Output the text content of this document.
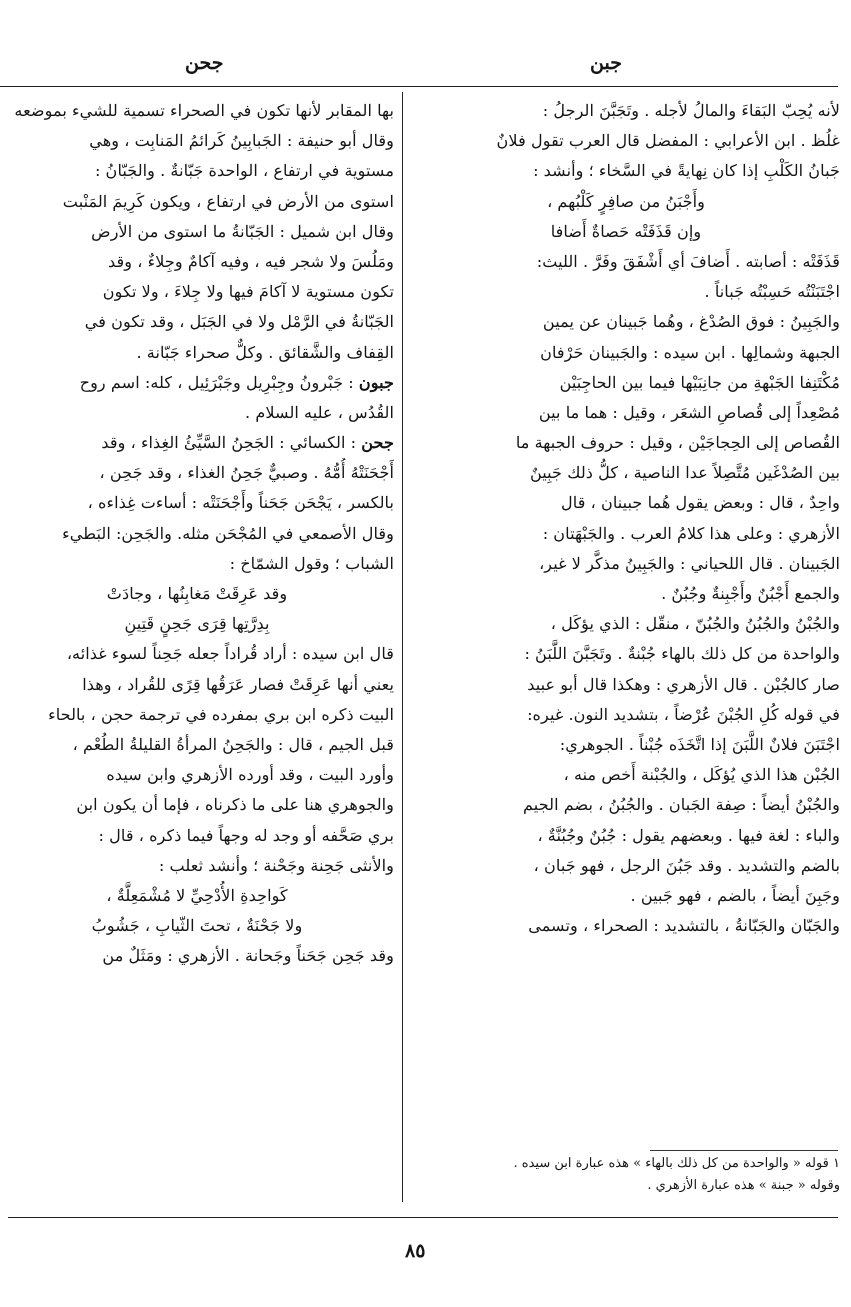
جبن
جحن
لأنه يُحِبّ البَقاءَ والمالُ لأجله . وتَجَبَّنَ الرجلُ :
غلُظ . ابن الأعرابي : المفضل قال العرب تقول فلانٌ
جَبانُ الكَلْبِ إذا كان نِهايةً في السَّخاء ؛ وأنشد :
وأَجْبَنُ من صافِرٍ كَلْبُهم ،
وإن قَذَفَتْه حَصاةٌ أَضافا
قَذَفَتْه : أصابته . أَضافَ أي أَشْفَقَ وفَرَّ . الليث:
اجْتَبَنْتُه حَسِبْتُه جَباناً .
والجَبِينُ : فوق الصُدْغ ، وهُما جَبينان عن يمين
الجبهة وشمالِها . ابن سيده : والجَبينان حَرْفان
مُكْتَنِفا الجَبْهةِ من جانِبَيْها فيما بين الحاجِبَيْن
مُصْعِداً إلى قُصاصِ الشعَر ، وقيل : هما ما بين
القُصاص إلى الحِجاجَيْن ، وقيل : حروف الجبهة ما
بين الصُدْغَين مُتَّصِلاً عدا الناصية ، كلُّ ذلك جَبِينٌ
واحِدٌ ، قال : وبعض يقول هُما جبينان ، قال
الأزهري : وعلى هذا كلامُ العرب . والجَبْهَتان :
الجَبينان . قال اللحياني : والجَبِينُ مذكَّر لا غير،
والجمع أَجْبُنٌ وأَجْبِنةٌ وجُبُنٌ .
والجُبْنُ والجُبُنُ والجُبُنّ ، منقّل : الذي يؤكَل ،
والواحدة من كل ذلك بالهاء جُبْنةٌ . وتَجَبَّنَ اللَّبَنُ :
صار كالجُبْن . قال الأزهري : وهكذا قال أبو عبيد
في قوله كُلِ الجُبْنَ عُرْضاً ، بتشديد النون. غيره:
اجْتَبَنَ فلانٌ اللَّبَنَ إذا اتَّخَذَه جُبْناً . الجوهري:
الجُبْن هذا الذي يُؤكَل ، والجُبْنة أَخص منه ،
والجُبْنُ أيضاً : صِفة الجَبان . والجُبُنُ ، بضم الجيم
والباء : لغة فيها . وبعضهم يقول : جُبُنٌ وجُبُنَّةٌ ،
بالضم والتشديد . وقد جَبُنَ الرجل ، فهو جَبان ،
وجَبِنَ أيضاً ، بالضم ، فهو جَبين .
والجَبّان والجَبّانةُ ، بالتشديد : الصحراء ، وتسمى
بها المقابر لأنها تكون في الصحراء تسمية للشيء بموضعه
وقال أبو حنيفة : الجَبابِينُ كَرائمُ المَنابِت ، وهي
مستوية في ارتفاع ، الواحدة جَبّانةٌ . والجَبّانُ :
استوى من الأرض في ارتفاع ، ويكون كَرِيمَ المَنْبت
وقال ابن شميل : الجَبّانةُ ما استوى من الأرض
ومَلُسَ ولا شجر فيه ، وفيه آكامٌ وجِلاءٌ ، وقد
تكون مستوية لا آكامَ فيها ولا جِلاءَ ، ولا تكون
الجَبّانةُ في الرَّمْل ولا في الجَبَل ، وقد تكون في
القِفاف والشَّقائق . وكلٌّ صحراء جَبّانة .
جبون : جَبْرونُ وجِبْرِيل وجَبْرَئِيل ، كله: اسم روح
القُدُس ، عليه السلام .
جحن : الكسائي : الجَحِنُ السَّيِّئُ الغِذاء ، وقد
أَجْحَنَتْهُ أُمُّهُ . وصبيٌّ جَحِنُ الغذاء ، وقد جَحِن ،
بالكسر ، يَجْحَن جَحَناً وأَجْحَنَتْه : أساءت غِذاءه ،
وقال الأصمعي في المُجْحَن مثله. والجَحِن: البَطيء
الشباب ؛ وقول الشمّاخ :
وقد عَرِقَتْ مَغابِنُها ، وجادَتْ
بِدِرَّتِها قِرَى جَحِنٍ قَتِينِ
قال ابن سيده : أراد قُراداً جعله جَحِناً لسوء غذائه،
يعني أنها عَرِقَتْ فصار عَرَقُها قِرًى للقُراد ، وهذا
البيت ذكره ابن بري بمفرده في ترجمة حجن ، بالحاء
قبل الجيم ، قال : والجَحِنُ المرأةُ القليلةُ الطُعْم ،
وأورد البيت ، وقد أورده الأزهري وابن سيده
والجوهري هنا على ما ذكرناه ، فإما أن يكون ابن
بري صَحَّفه أو وجد له وجهاً فيما ذكره ، قال :
والأنثى جَحِنة وجَحْنة ؛ وأنشد ثعلب :
كَواحِدةِ الأُدْحِيِّ لا مُشْمَعِلَّةٌ ،
ولا جَحْنَةٌ ، تحتَ الثّيابِ ، جَشُوبُ
وقد جَحِن جَحَناً وجَحانة . الأزهري : ومَثَلٌ من
١ قوله « والواحدة من كل ذلك بالهاء » هذه عبارة ابن سيده .
وقوله « جبنة » هذه عبارة الأزهري .
٨٥
